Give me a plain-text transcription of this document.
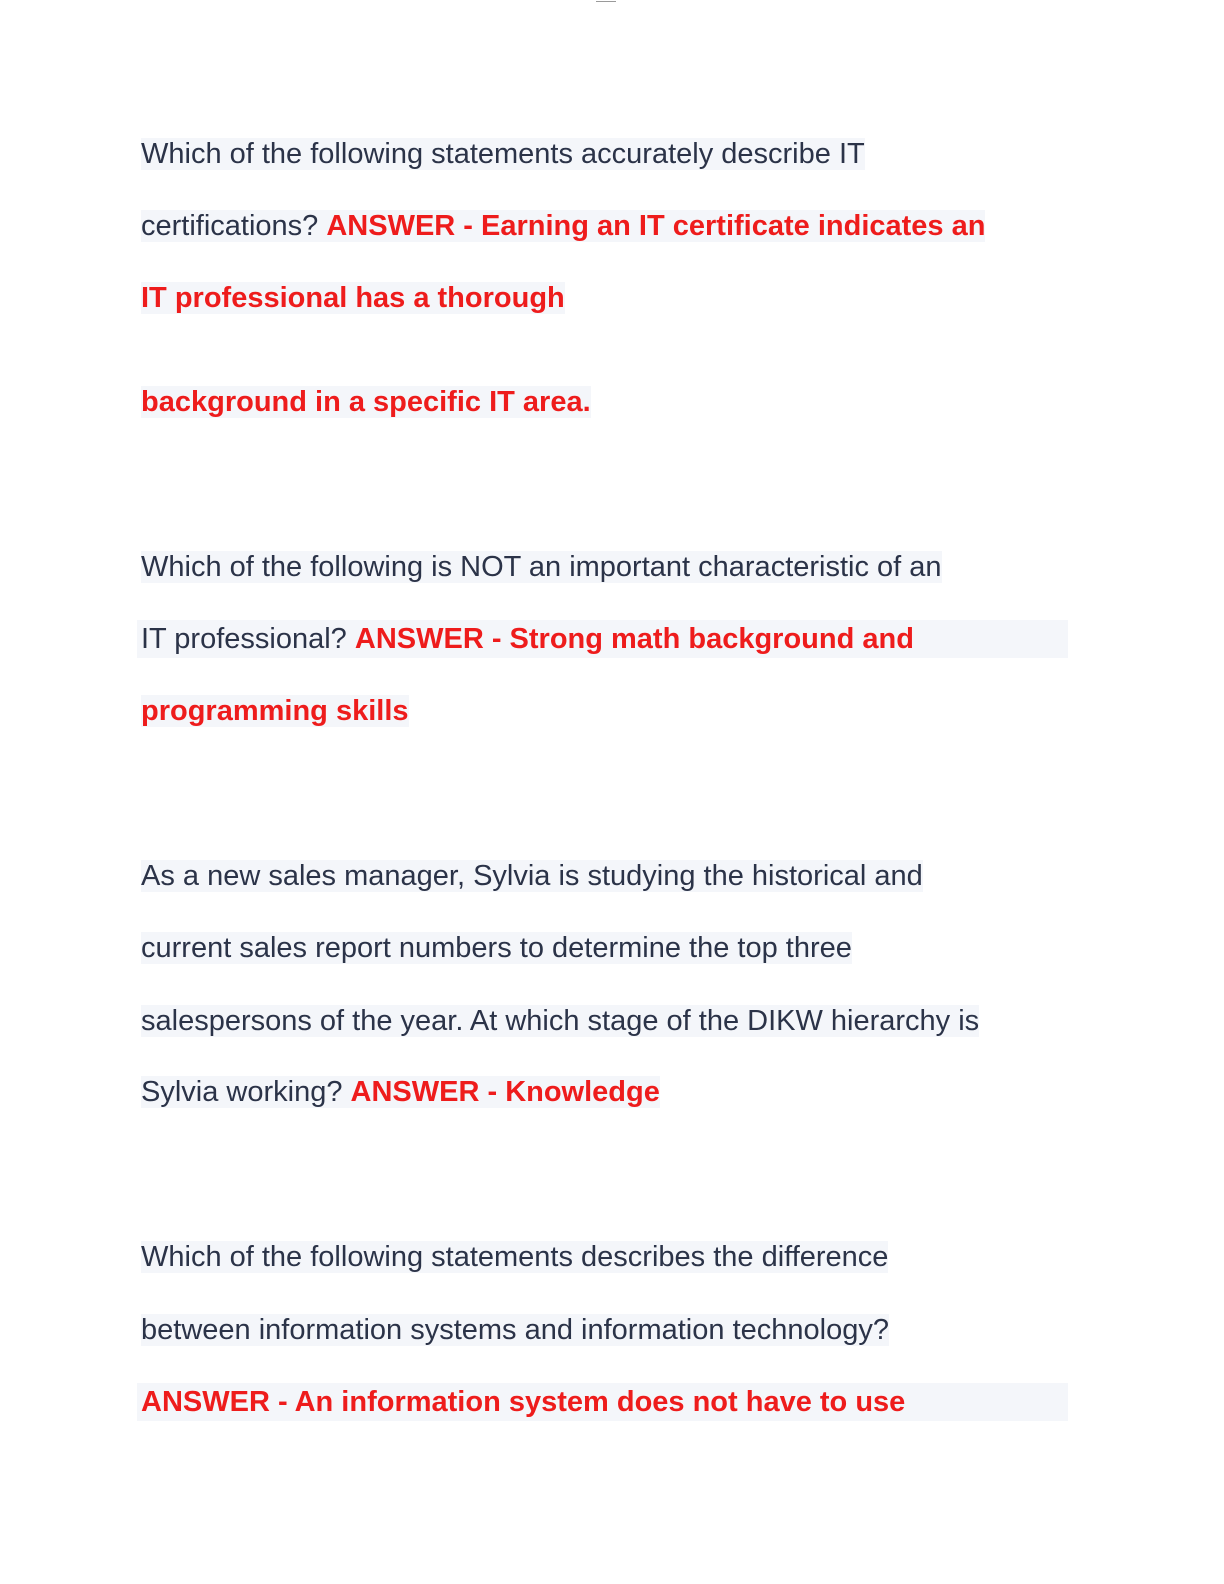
Which of the following statements accurately describe IT
certifications? ANSWER - Earning an IT certificate indicates an
IT professional has a thorough
background in a specific IT area.
Which of the following is NOT an important characteristic of an
IT professional? ANSWER - Strong math background and
programming skills
As a new sales manager, Sylvia is studying the historical and
current sales report numbers to determine the top three
salespersons of the year. At which stage of the DIKW hierarchy is
Sylvia working? ANSWER - Knowledge
Which of the following statements describes the difference
between information systems and information technology?
ANSWER - An information system does not have to use
